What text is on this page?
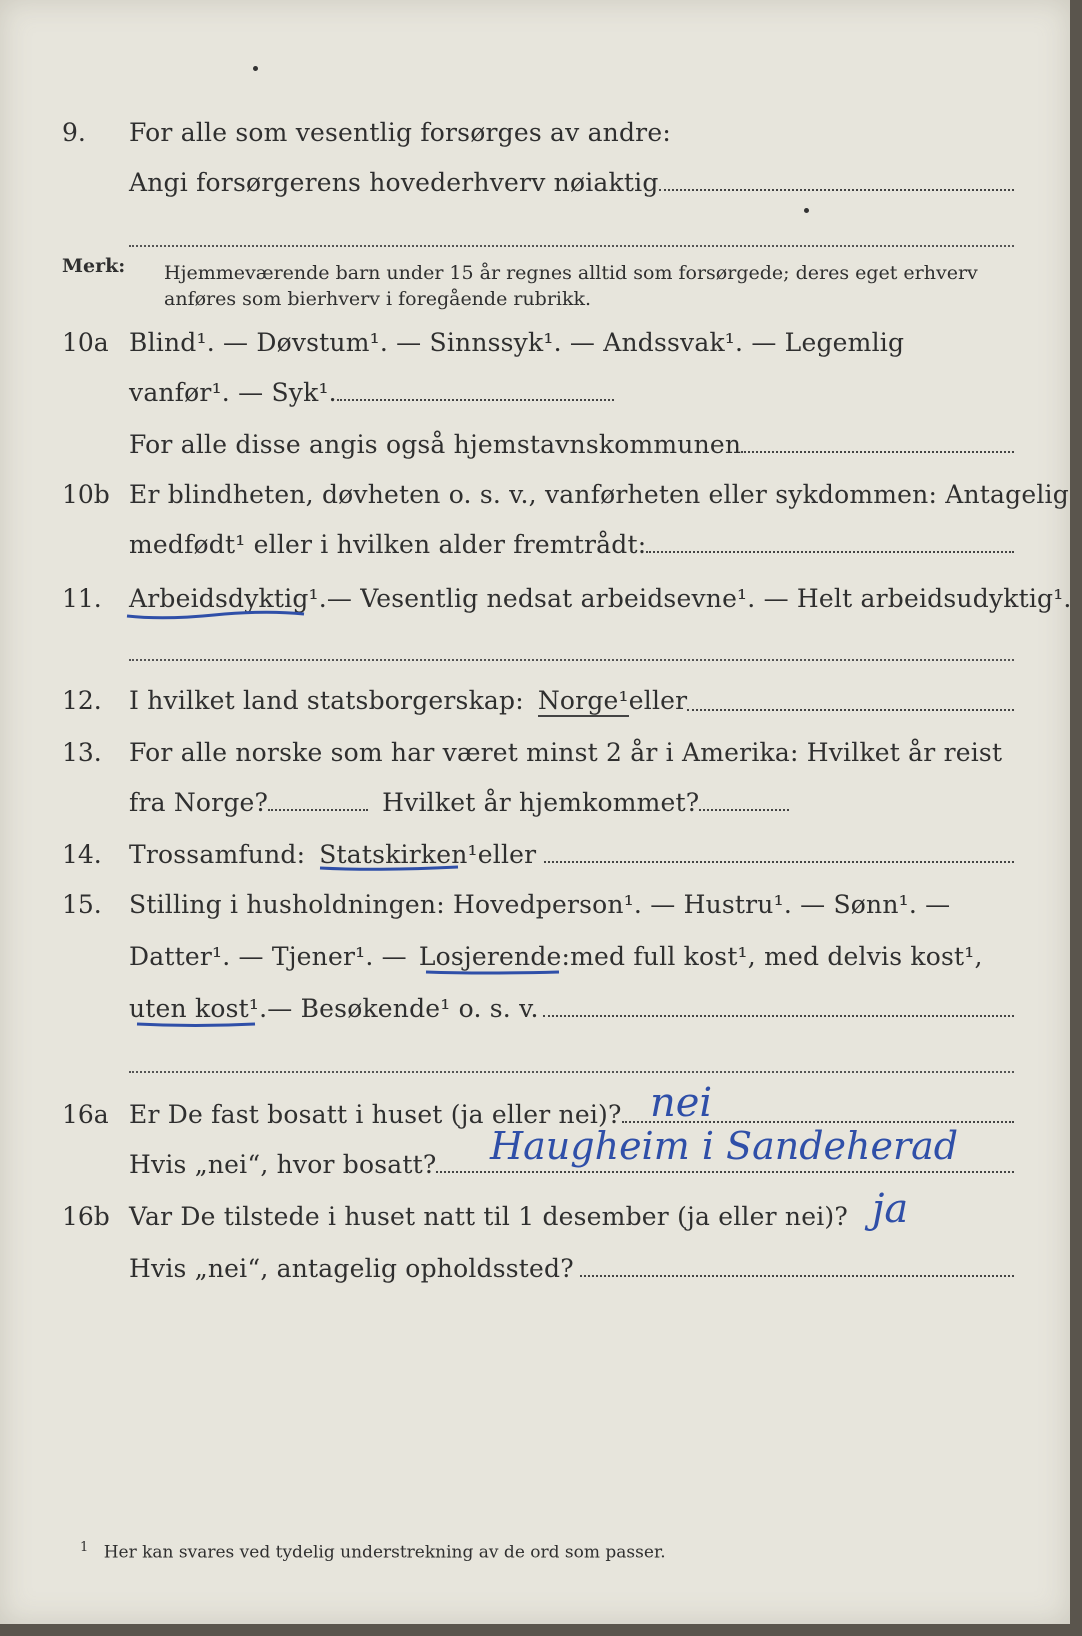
9. For alle som vesentlig forsørges av andre:
Angi forsørgerens hovederhverv nøiaktig
Merk: Hjemmeværende barn under 15 år regnes alltid som forsørgede; deres eget erhverv
anføres som bierhverv i foregående rubrikk.
10a Blind¹. — Døvstum¹. — Sinnssyk¹. — Andssvak¹. — Legemlig
vanfør¹. — Syk¹.
For alle disse angis også hjemstavnskommunen
10b Er blindheten, døvheten o. s. v., vanførheten eller sykdommen: Antagelig
medfødt¹ eller i hvilken alder fremtrådt:
11. Arbeidsdyktig¹. — Vesentlig nedsat arbeidsevne¹. — Helt arbeidsudyktig¹.
12. I hvilket land statsborgerskap: Norge¹ eller
13. For alle norske som har været minst 2 år i Amerika: Hvilket år reist
fra Norge?	Hvilket år hjemkommet?
14. Trossamfund: Statskirken¹ eller
15. Stilling i husholdningen: Hovedperson¹. — Hustru¹. — Sønn¹. —
Datter¹. — Tjener¹. — Losjerende: med full kost¹, med delvis kost¹,
uten kost¹. — Besøkende¹ o. s. v.
16a Er De fast bosatt i huset (ja eller nei)? nei
Hvis „nei“, hvor bosatt? Haugheim i Sandeherad
16b Var De tilstede i huset natt til 1 desember (ja eller nei)? ja
Hvis „nei“, antagelig opholdssted?
$^1$ Her kan svares ved tydelig understrekning av de ord som passer.
